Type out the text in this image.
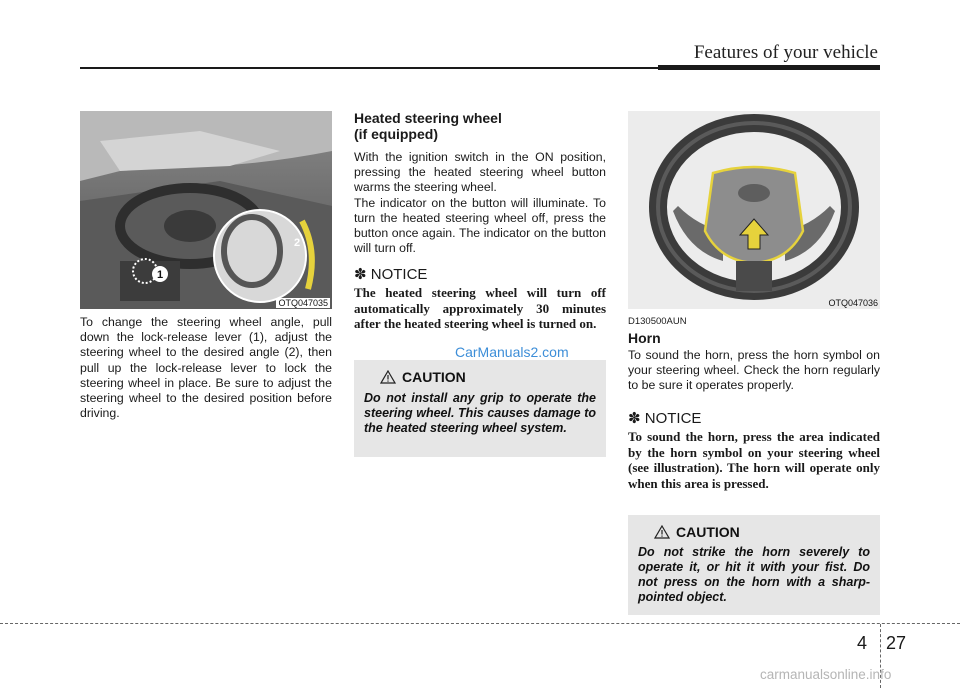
Features of your vehicle
1
2
OTQ047035
To change the steering wheel angle, pull down the lock-release lever (1), adjust the steering wheel to the desired angle (2), then pull up the lock-release lever to lock the steering wheel in place. Be sure to adjust the steering wheel to the desired position before driving.
Heated steering wheel
(if equipped)
With the ignition switch in the ON position, pressing the heated steering wheel button warms the steering wheel.
The indicator on the button will illuminate. To turn the heated steering wheel off, press the button once again. The indicator on the button will turn off.
✽ NOTICE
The heated steering wheel will turn off automatically approximately 30 minutes after the heated steering wheel is turned on.
CAUTION
Do not install any grip to operate the steering wheel. This causes damage to the heated steering wheel system.
CarManuals2.com
OTQ047036
D130500AUN
Horn
To sound the horn, press the horn symbol on your steering wheel. Check the horn regularly to be sure it operates properly.
✽ NOTICE
To sound the horn, press the area indicated by the horn symbol on your steering wheel (see illustration). The horn will operate only when this area is pressed.
CAUTION
Do not strike the horn severely to operate it, or hit it with your fist. Do not press on the horn with a sharp-pointed object.
4 27
carmanualsonline.info
